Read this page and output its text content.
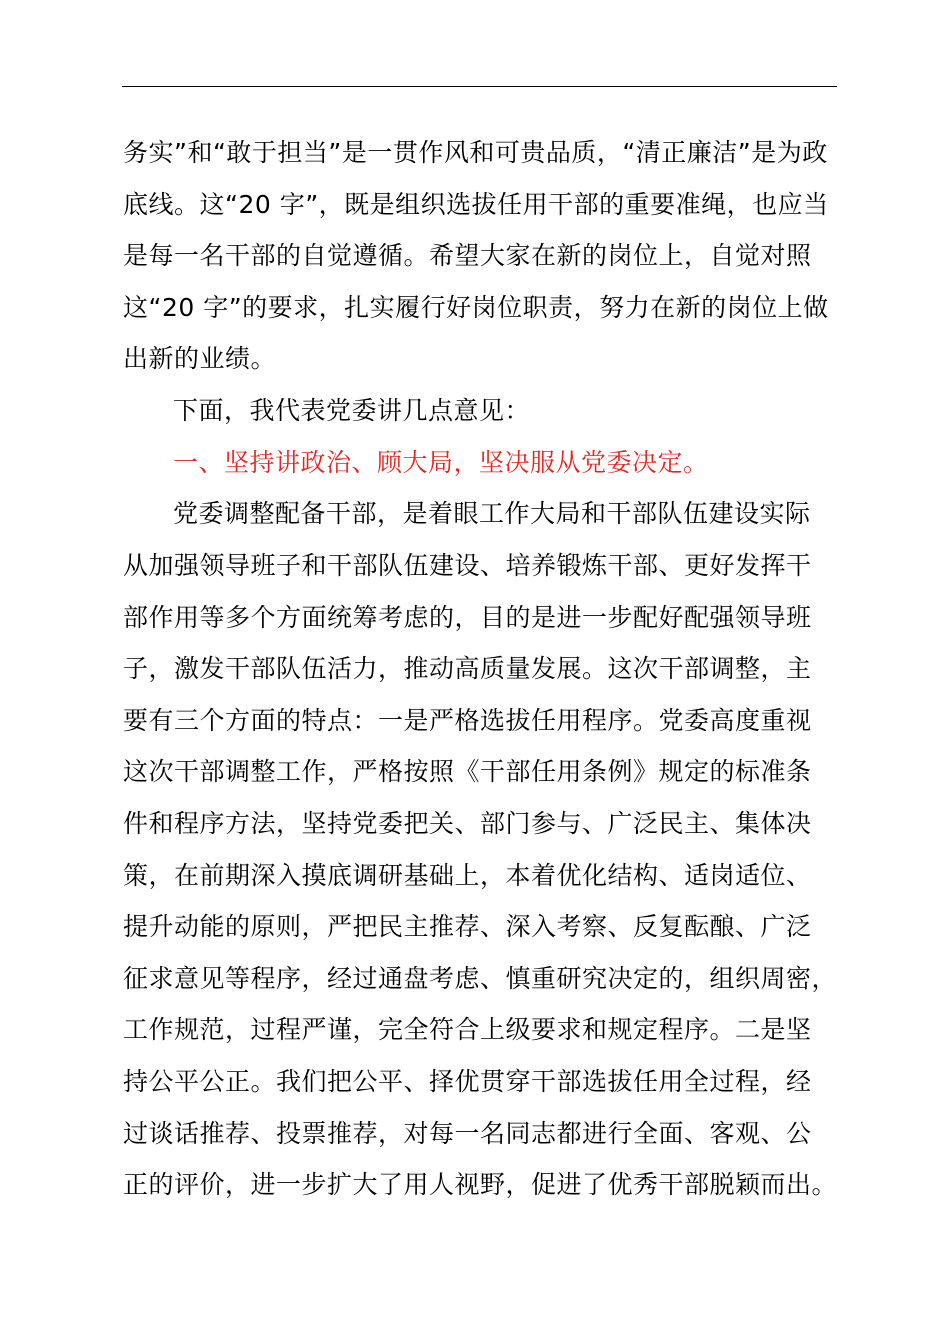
务实”和“敢于担当”是一贯作风和可贵品质，“清正廉洁”是为政
底线。这“20 字”，既是组织选拔任用干部的重要准绳，也应当
是每一名干部的自觉遵循。希望大家在新的岗位上，自觉对照
这“20 字”的要求，扎实履行好岗位职责，努力在新的岗位上做
出新的业绩。
下面，我代表党委讲几点意见：
一、坚持讲政治、顾大局，坚决服从党委决定。
党委调整配备干部，是着眼工作大局和干部队伍建设实际
从加强领导班子和干部队伍建设、培养锻炼干部、更好发挥干
部作用等多个方面统筹考虑的，目的是进一步配好配强领导班
子，激发干部队伍活力，推动高质量发展。这次干部调整，主
要有三个方面的特点：一是严格选拔任用程序。党委高度重视
这次干部调整工作，严格按照《干部任用条例》规定的标准条
件和程序方法，坚持党委把关、部门参与、广泛民主、集体决
策，在前期深入摸底调研基础上，本着优化结构、适岗适位、
提升动能的原则，严把民主推荐、深入考察、反复酝酿、广泛
征求意见等程序，经过通盘考虑、慎重研究决定的，组织周密，
工作规范，过程严谨，完全符合上级要求和规定程序。二是坚
持公平公正。我们把公平、择优贯穿干部选拔任用全过程，经
过谈话推荐、投票推荐，对每一名同志都进行全面、客观、公
正的评价，进一步扩大了用人视野，促进了优秀干部脱颖而出。
